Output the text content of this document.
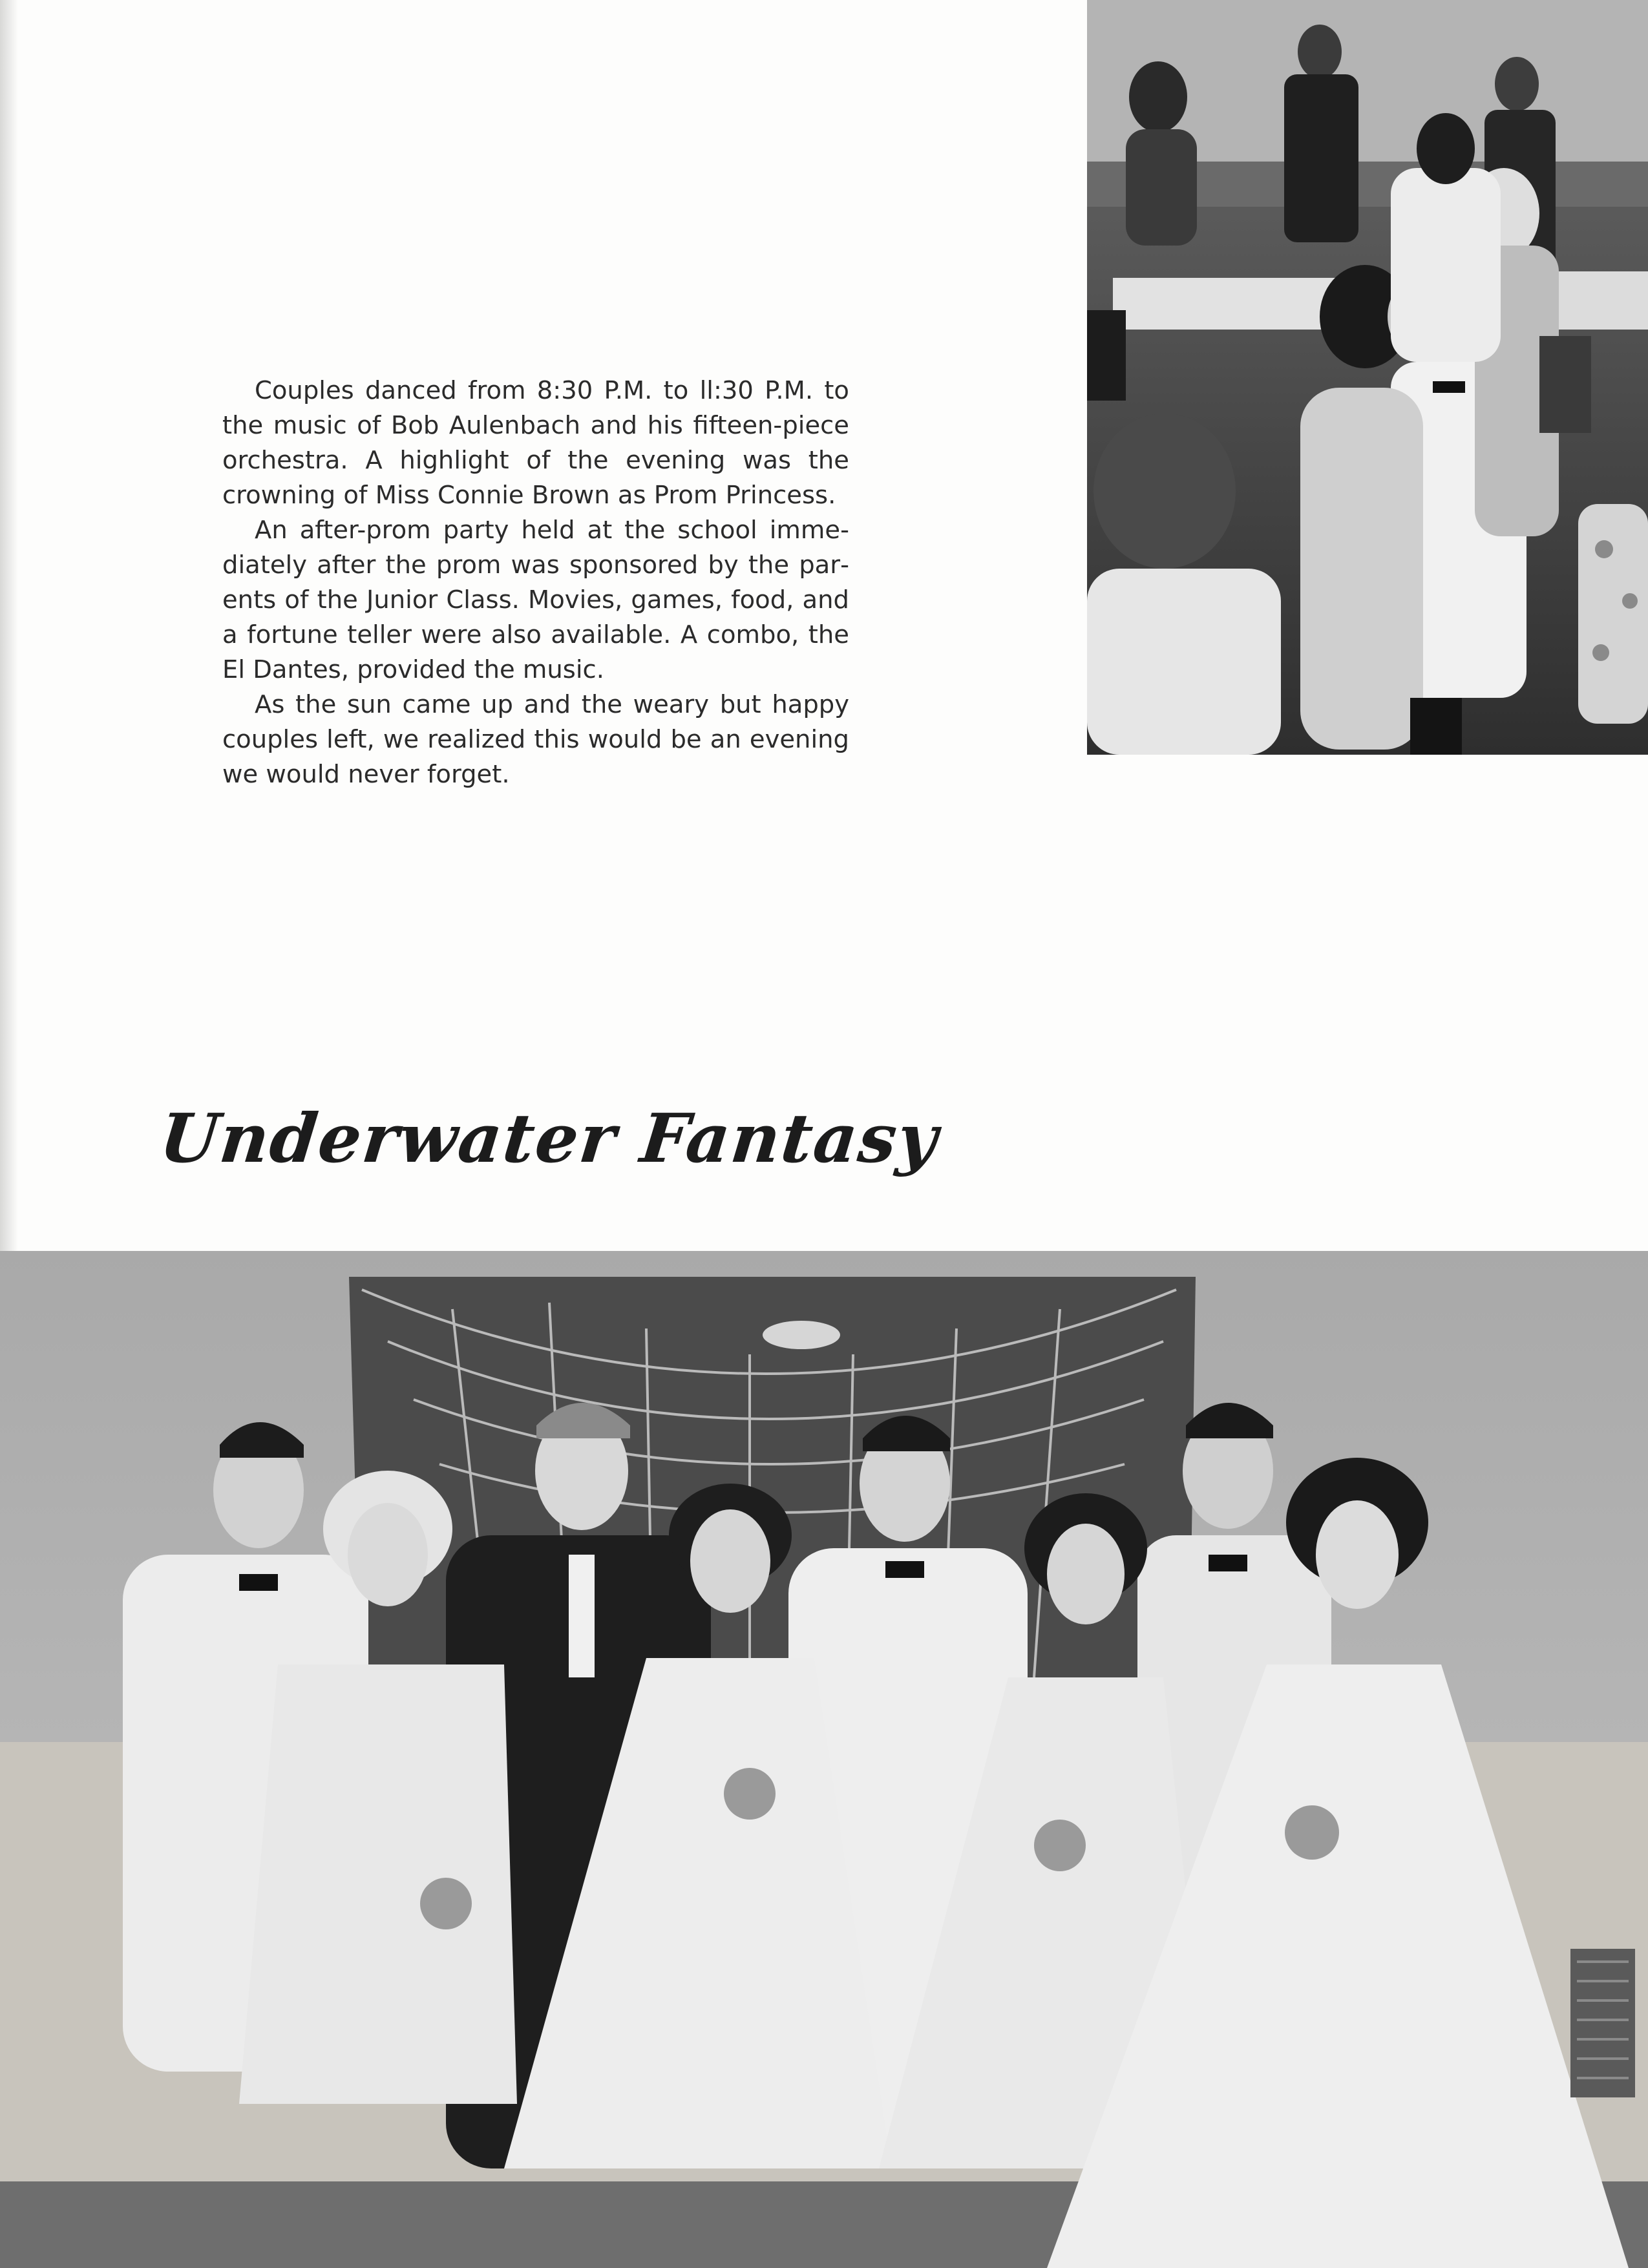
Couples danced from 8:30 P.M. to ll:30 P.M. to the music of Bob Aulenbach and his fifteen-piece orchestra. A highlight of the evening was the crowning of Miss Connie Brown as Prom Princess.

An after-prom party held at the school immediately after the prom was sponsored by the parents of the Junior Class. Movies, games, food, and a fortune teller were also available. A combo, the El Dantes, provided the music.

As the sun came up and the weary but happy couples left, we realized this would be an evening we would never forget.

Underwater Fantasy
